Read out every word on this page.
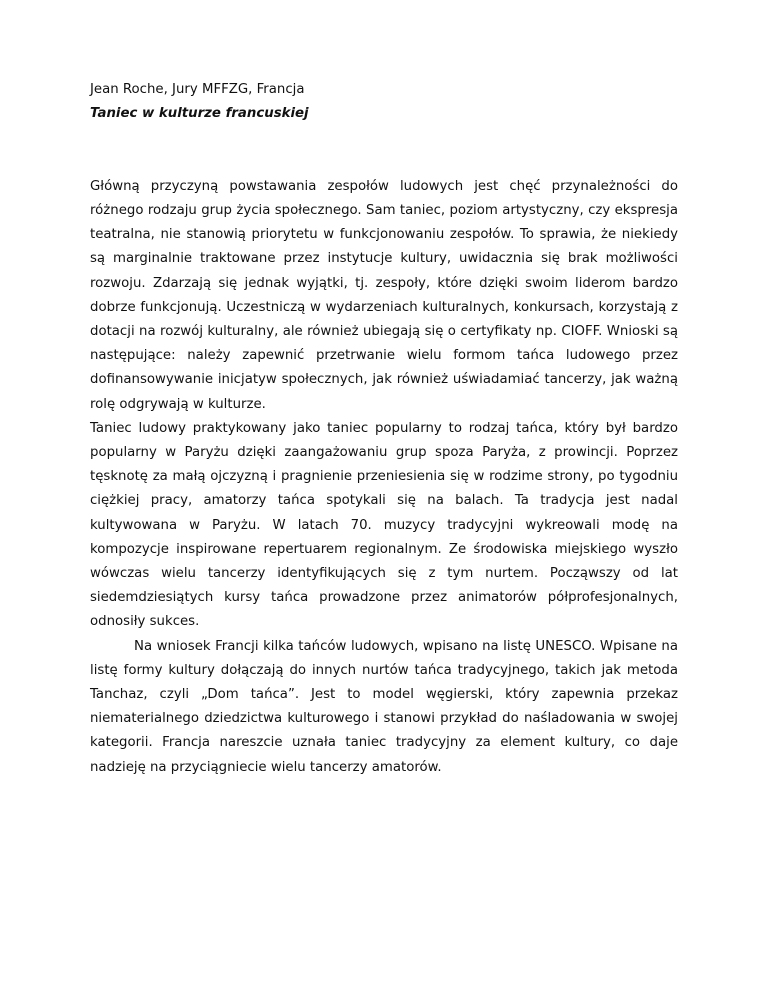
Jean Roche, Jury MFFZG, Francja

Taniec w kulturze francuskiej

Główną przyczyną powstawania zespołów ludowych jest chęć przynależności do różnego rodzaju grup życia społecznego. Sam taniec, poziom artystyczny, czy ekspresja teatralna, nie stanowią priorytetu w funkcjonowaniu zespołów. To sprawia, że niekiedy są marginalnie traktowane przez instytucje kultury, uwidacznia się brak możliwości rozwoju. Zdarzają się jednak wyjątki, tj. zespoły, które dzięki swoim liderom bardzo dobrze funkcjonują. Uczestniczą w wydarzeniach kulturalnych, konkursach, korzystają z dotacji na rozwój kulturalny, ale również ubiegają się o certyfikaty np. CIOFF. Wnioski są następujące: należy zapewnić przetrwanie wielu formom tańca ludowego przez dofinansowywanie inicjatyw społecznych, jak również uświadamiać tancerzy, jak ważną rolę odgrywają w kulturze.

Taniec ludowy praktykowany jako taniec popularny to rodzaj tańca, który był bardzo popularny w Paryżu dzięki zaangażowaniu grup spoza Paryża, z prowincji. Poprzez tęsknotę za małą ojczyzną i pragnienie przeniesienia się w rodzime strony, po tygodniu ciężkiej pracy, amatorzy tańca spotykali się na balach. Ta tradycja jest nadal kultywowana w Paryżu. W latach 70. muzycy tradycyjni wykreowali modę na kompozycje inspirowane repertuarem regionalnym. Ze środowiska miejskiego wyszło wówczas wielu tancerzy identyfikujących się z tym nurtem. Począwszy od lat siedemdziesiątych kursy tańca prowadzone przez animatorów półprofesjonalnych, odnosiły sukces.

Na wniosek Francji kilka tańców ludowych, wpisano na listę UNESCO. Wpisane na listę formy kultury dołączają do innych nurtów tańca tradycyjnego, takich jak metoda Tanchaz, czyli „Dom tańca”. Jest to model węgierski, który zapewnia przekaz niematerialnego dziedzictwa kulturowego i stanowi przykład do naśladowania w swojej kategorii. Francja nareszcie uznała taniec tradycyjny za element kultury, co daje nadzieję na przyciągniecie wielu tancerzy amatorów.
